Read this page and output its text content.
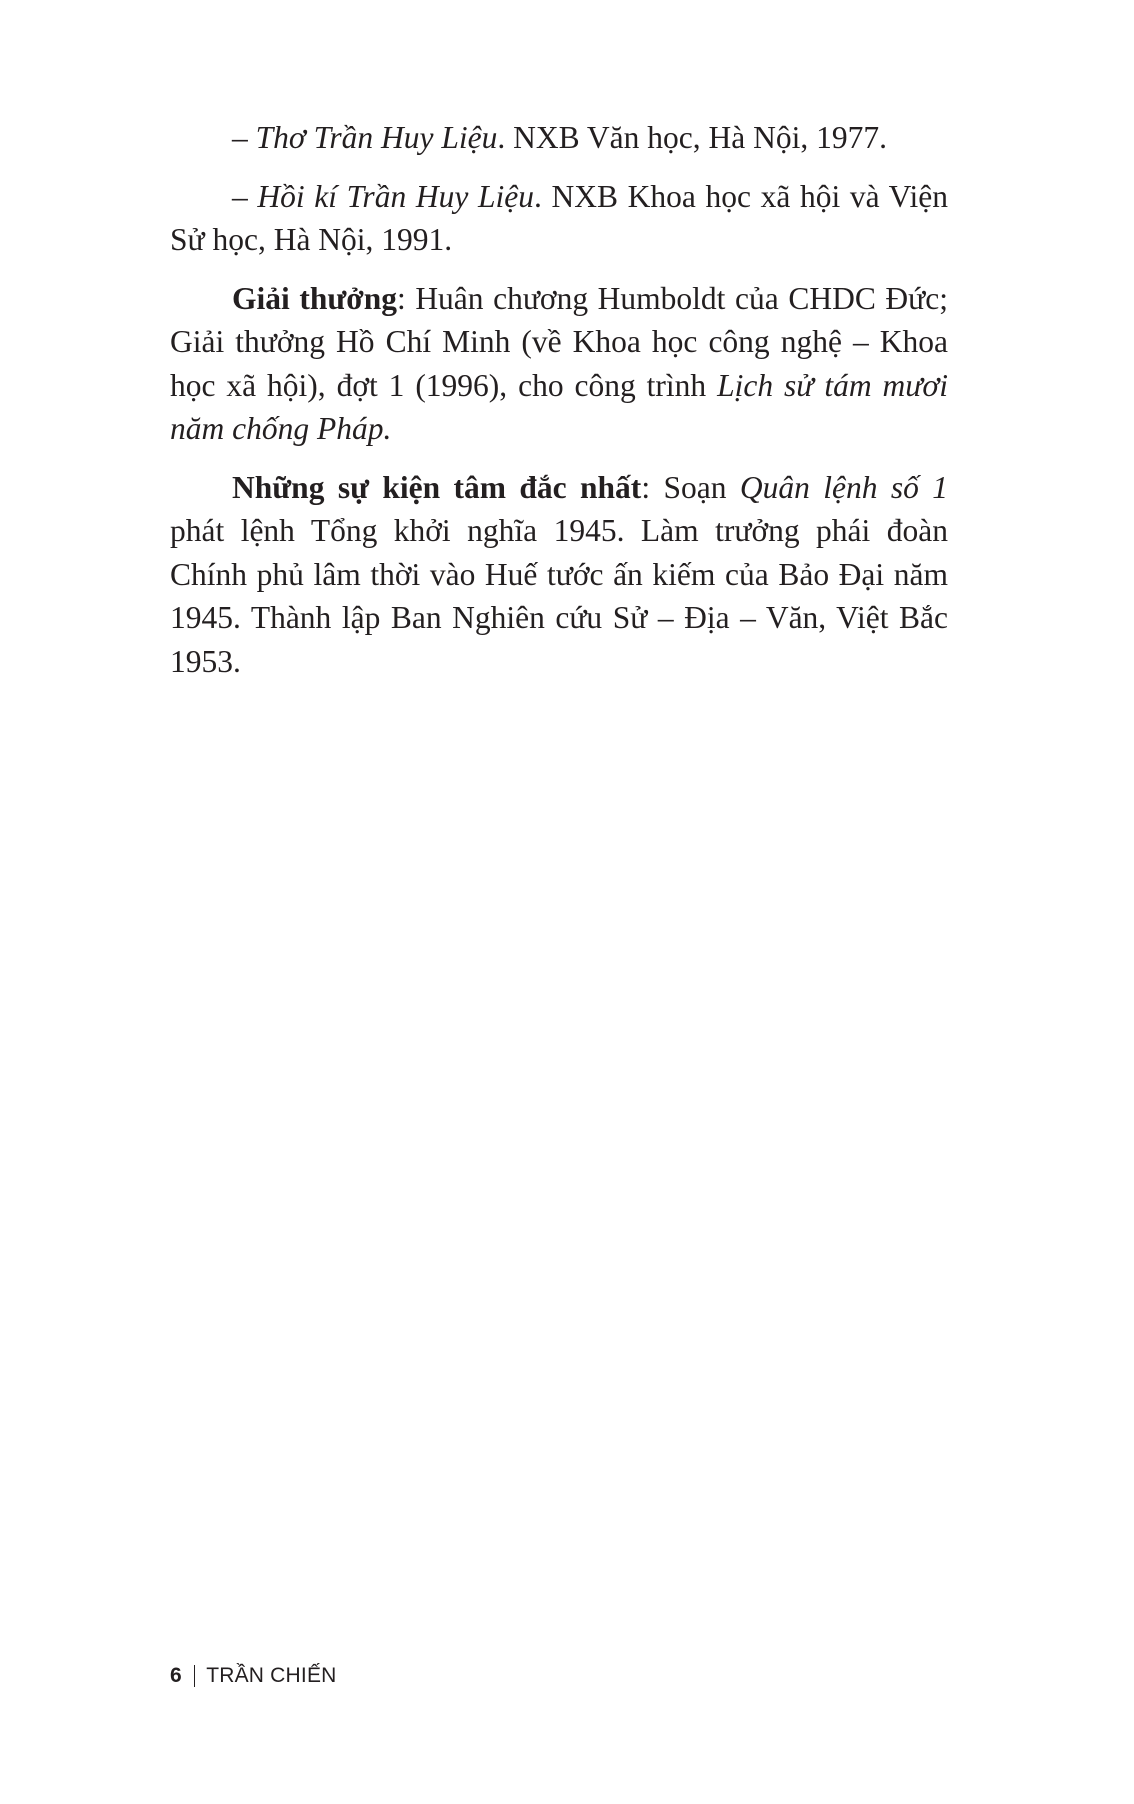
– Thơ Trần Huy Liệu. NXB Văn học, Hà Nội, 1977.

– Hồi kí Trần Huy Liệu. NXB Khoa học xã hội và Viện Sử học, Hà Nội, 1991.

Giải thưởng: Huân chương Humboldt của CHDC Đức; Giải thưởng Hồ Chí Minh (về Khoa học công nghệ – Khoa học xã hội), đợt 1 (1996), cho công trình Lịch sử tám mươi năm chống Pháp.

Những sự kiện tâm đắc nhất: Soạn Quân lệnh số 1 phát lệnh Tổng khởi nghĩa 1945. Làm trưởng phái đoàn Chính phủ lâm thời vào Huế tước ấn kiếm của Bảo Đại năm 1945. Thành lập Ban Nghiên cứu Sử – Địa – Văn, Việt Bắc 1953.

6 TRẦN CHIẾN
